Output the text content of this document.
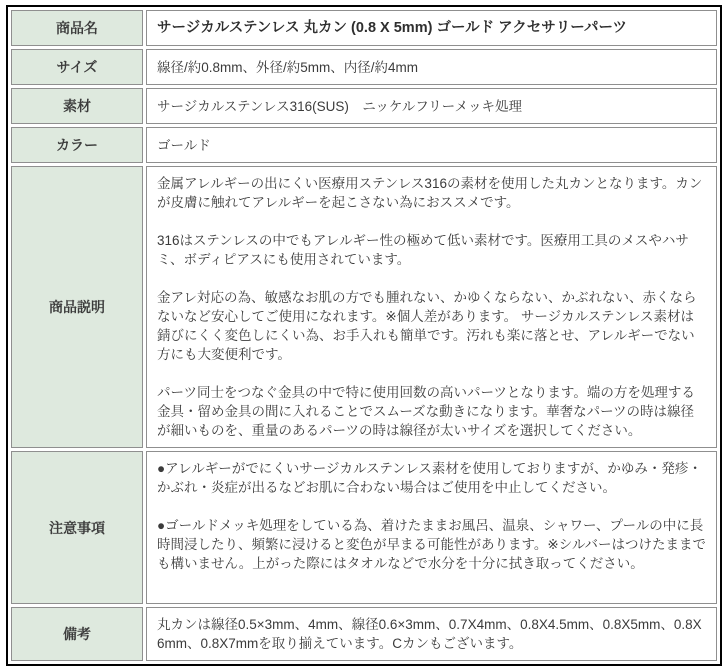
商品名	サージカルステンレス 丸カン (0.8 X 5mm) ゴールド アクセサリーパーツ
サイズ	線径/約0.8mm、外径/約5mm、内径/約4mm
素材	サージカルステンレス316(SUS)　ニッケルフリーメッキ処理
カラー	ゴールド
商品説明	金属アレルギーの出にくい医療用ステンレス316の素材を使用した丸カンとなります。カンが皮膚に触れてアレルギーを起こさない為におススメです。

316はステンレスの中でもアレルギー性の極めて低い素材です。医療用工具のメスやハサミ、ボディピアスにも使用されています。

金アレ対応の為、敏感なお肌の方でも腫れない、かゆくならない、かぶれない、赤くならないなど安心してご使用になれます。※個人差があります。 サージカルステンレス素材は錆びにくく変色しにくい為、お手入れも簡単です。汚れも楽に落とせ、アレルギーでない方にも大変便利です。

パーツ同士をつなぐ金具の中で特に使用回数の高いパーツとなります。端の方を処理する金具・留め金具の間に入れることでスムーズな動きになります。華奢なパーツの時は線径が細いものを、重量のあるパーツの時は線径が太いサイズを選択してください。

注意事項	●アレルギーがでにくいサージカルステンレス素材を使用しておりますが、かゆみ・発疹・かぶれ・炎症が出るなどお肌に合わない場合はご使用を中止してください。

●ゴールドメッキ処理をしている為、着けたままお風呂、温泉、シャワー、プールの中に長時間浸したり、頻繁に浸けると変色が早まる可能性があります。※シルバーはつけたままでも構いません。上がった際にはタオルなどで水分を十分に拭き取ってください。

備考	丸カンは線径0.5×3mm、4mm、線径0.6×3mm、0.7X4mm、0.8X4.5mm、0.8X5mm、0.8X6mm、0.8X7mmを取り揃えています。Cカンもございます。
